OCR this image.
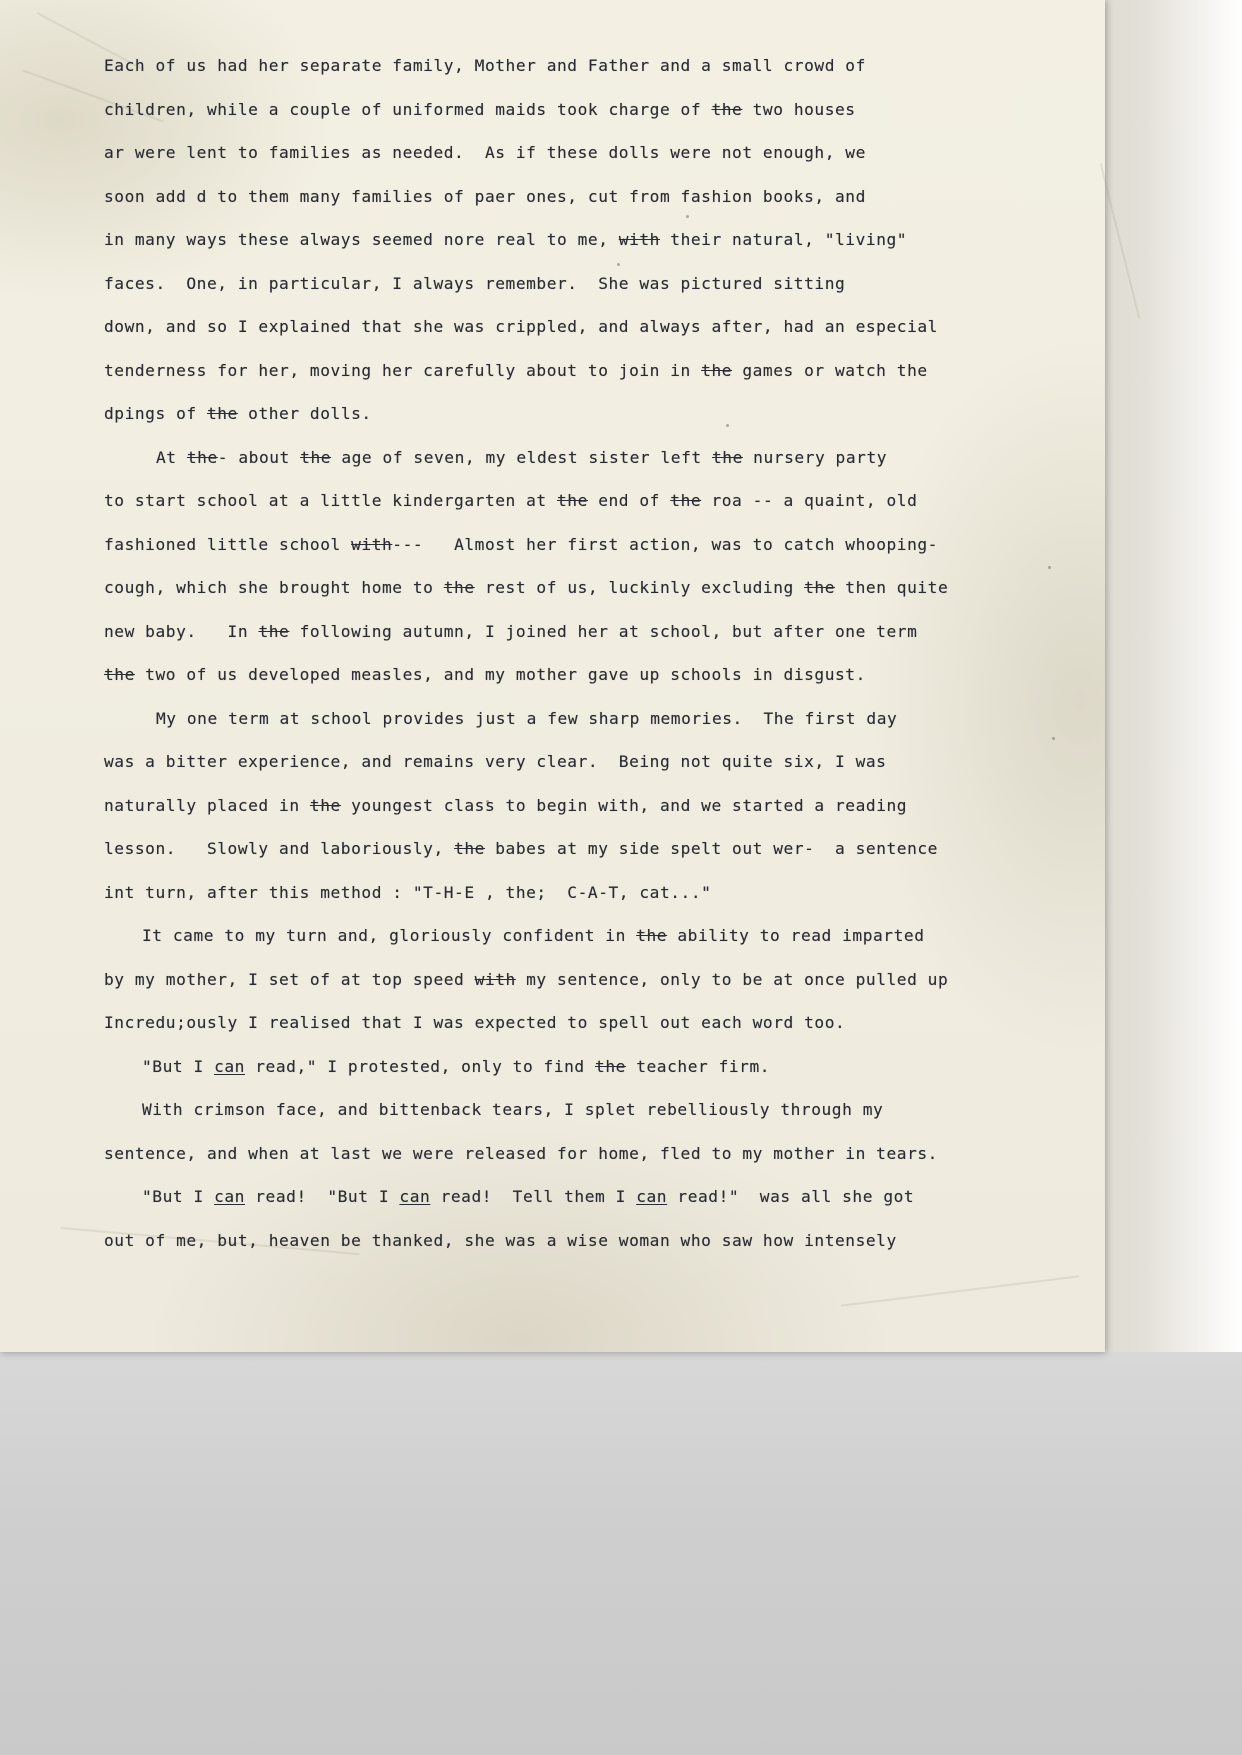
Each of us had her separate family, Mother and Father and a small crowd of
children, while a couple of uniformed maids took charge of the two houses
ar were lent to families as needed.  As if these dolls were not enough, we
soon add d to them many families of paer ones, cut from fashion books, and
in many ways these always seemed nore real to me, with their natural, "living"
faces.  One, in particular, I always remember.  She was pictured sitting
down, and so I explained that she was crippled, and always after, had an especial
tenderness for her, moving her carefully about to join in the games or watch the
dpings of the other dolls.
At the- about the age of seven, my eldest sister left the nursery party
to start school at a little kindergarten at the end of the roa -- a quaint, old
fashioned little school with---   Almost her first action, was to catch whooping-
cough, which she brought home to the rest of us, luckinly excluding the then quite
new baby.   In the following autumn, I joined her at school, but after one term
the two of us developed measles, and my mother gave up schools in disgust.
My one term at school provides just a few sharp memories.  The first day
was a bitter experience, and remains very clear.  Being not quite six, I was
naturally placed in the youngest class to begin with, and we started a reading
lesson.   Slowly and laboriously, the babes at my side spelt out wer-  a sentence
int turn, after this method : "T-H-E , the;  C-A-T, cat..."
It came to my turn and, gloriously confident in the ability to read imparted
by my mother, I set of at top speed with my sentence, only to be at once pulled up
Incredu;ously I realised that I was expected to spell out each word too.
"But I can read," I protested, only to find the teacher firm.
With crimson face, and bittenback tears, I splet rebelliously through my
sentence, and when at last we were released for home, fled to my mother in tears.
"But I can read!  "But I can read!  Tell them I can read!"  was all she got
out of me, but, heaven be thanked, she was a wise woman who saw how intensely
